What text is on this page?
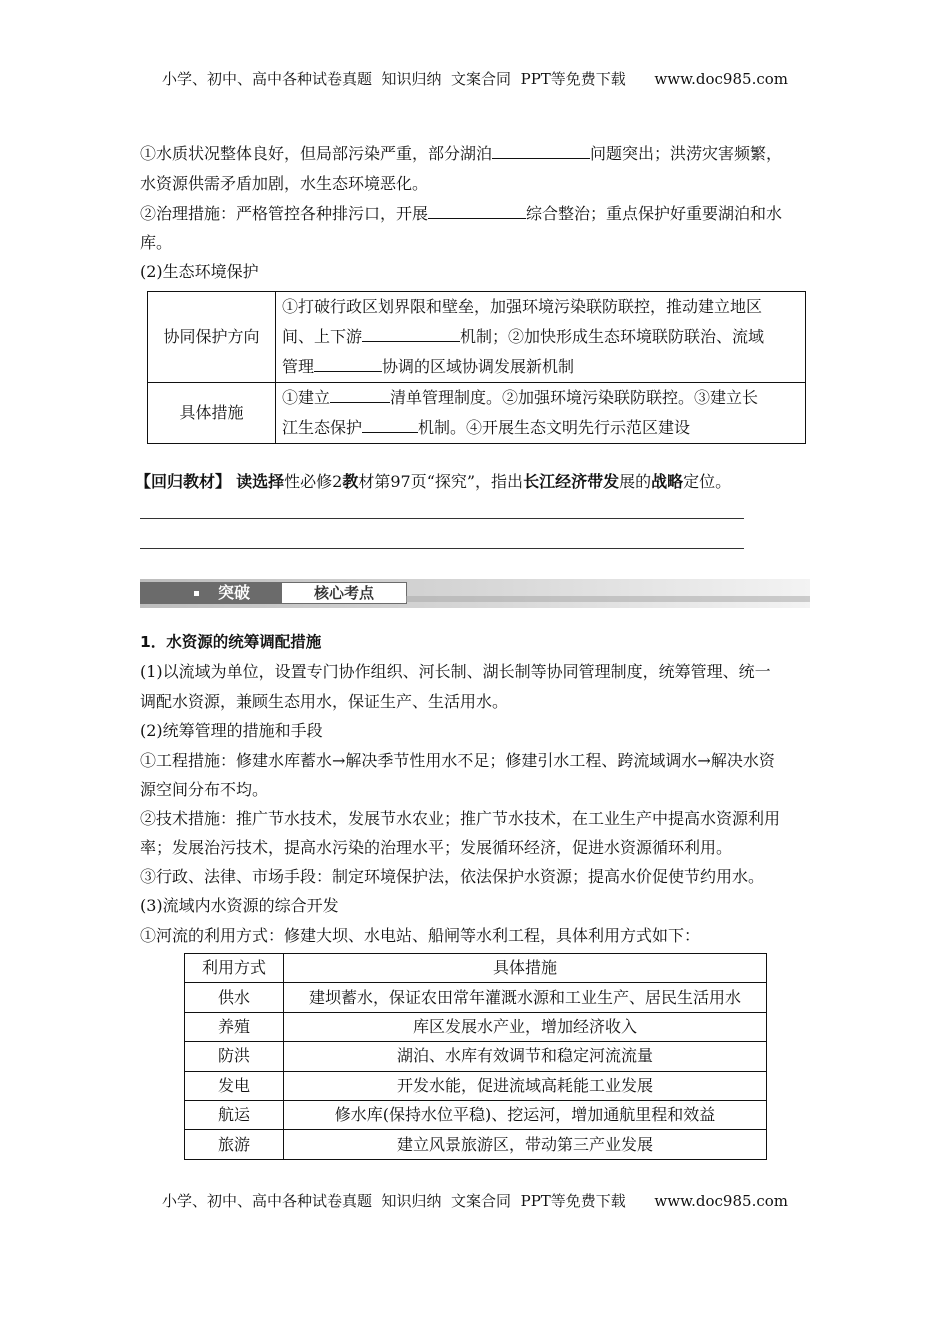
小学、初中、高中各种试卷真题  知识归纳  文案合同  PPT等免费下载      www.doc985.com
①水质状况整体良好，但局部污染严重，部分湖泊	问题突出；洪涝灾害频繁，
水资源供需矛盾加剧，水生态环境恶化。
②治理措施：严格管控各种排污口，开展	综合整治；重点保护好重要湖泊和水
库。
(2)生态环境保护
协同保护方向	①打破行政区划界限和壁垒，加强环境污染联防联控，推动建立地区
间、上下游 机制；②加快形成生态环境联防联治、流域
管理 协调的区域协调发展新机制

具体措施	①建立 清单管理制度。②加强环境污染联防联控。③建立长
江生态保护 机制。④开展生态文明先行示范区建设
【回归教材】 读选择性必修2教材第97页“探究”，指出长江经济带发展的战略定位。
突破	核心考点
1．水资源的统筹调配措施
(1)以流域为单位，设置专门协作组织、河长制、湖长制等协同管理制度，统筹管理、统一
调配水资源，兼顾生态用水，保证生产、生活用水。
(2)统筹管理的措施和手段
①工程措施：修建水库蓄水→解决季节性用水不足；修建引水工程、跨流域调水→解决水资
源空间分布不均。
②技术措施：推广节水技术，发展节水农业；推广节水技术，在工业生产中提高水资源利用
率；发展治污技术，提高水污染的治理水平；发展循环经济，促进水资源循环利用。
③行政、法律、市场手段：制定环境保护法，依法保护水资源；提高水价促使节约用水。
(3)流域内水资源的综合开发
①河流的利用方式：修建大坝、水电站、船闸等水利工程，具体利用方式如下：
利用方式	具体措施
供水	建坝蓄水，保证农田常年灌溉水源和工业生产、居民生活用水
养殖	库区发展水产业，增加经济收入
防洪	湖泊、水库有效调节和稳定河流流量
发电	开发水能，促进流域高耗能工业发展
航运	修水库(保持水位平稳)、挖运河，增加通航里程和效益
旅游	建立风景旅游区，带动第三产业发展
小学、初中、高中各种试卷真题  知识归纳  文案合同  PPT等免费下载      www.doc985.com
